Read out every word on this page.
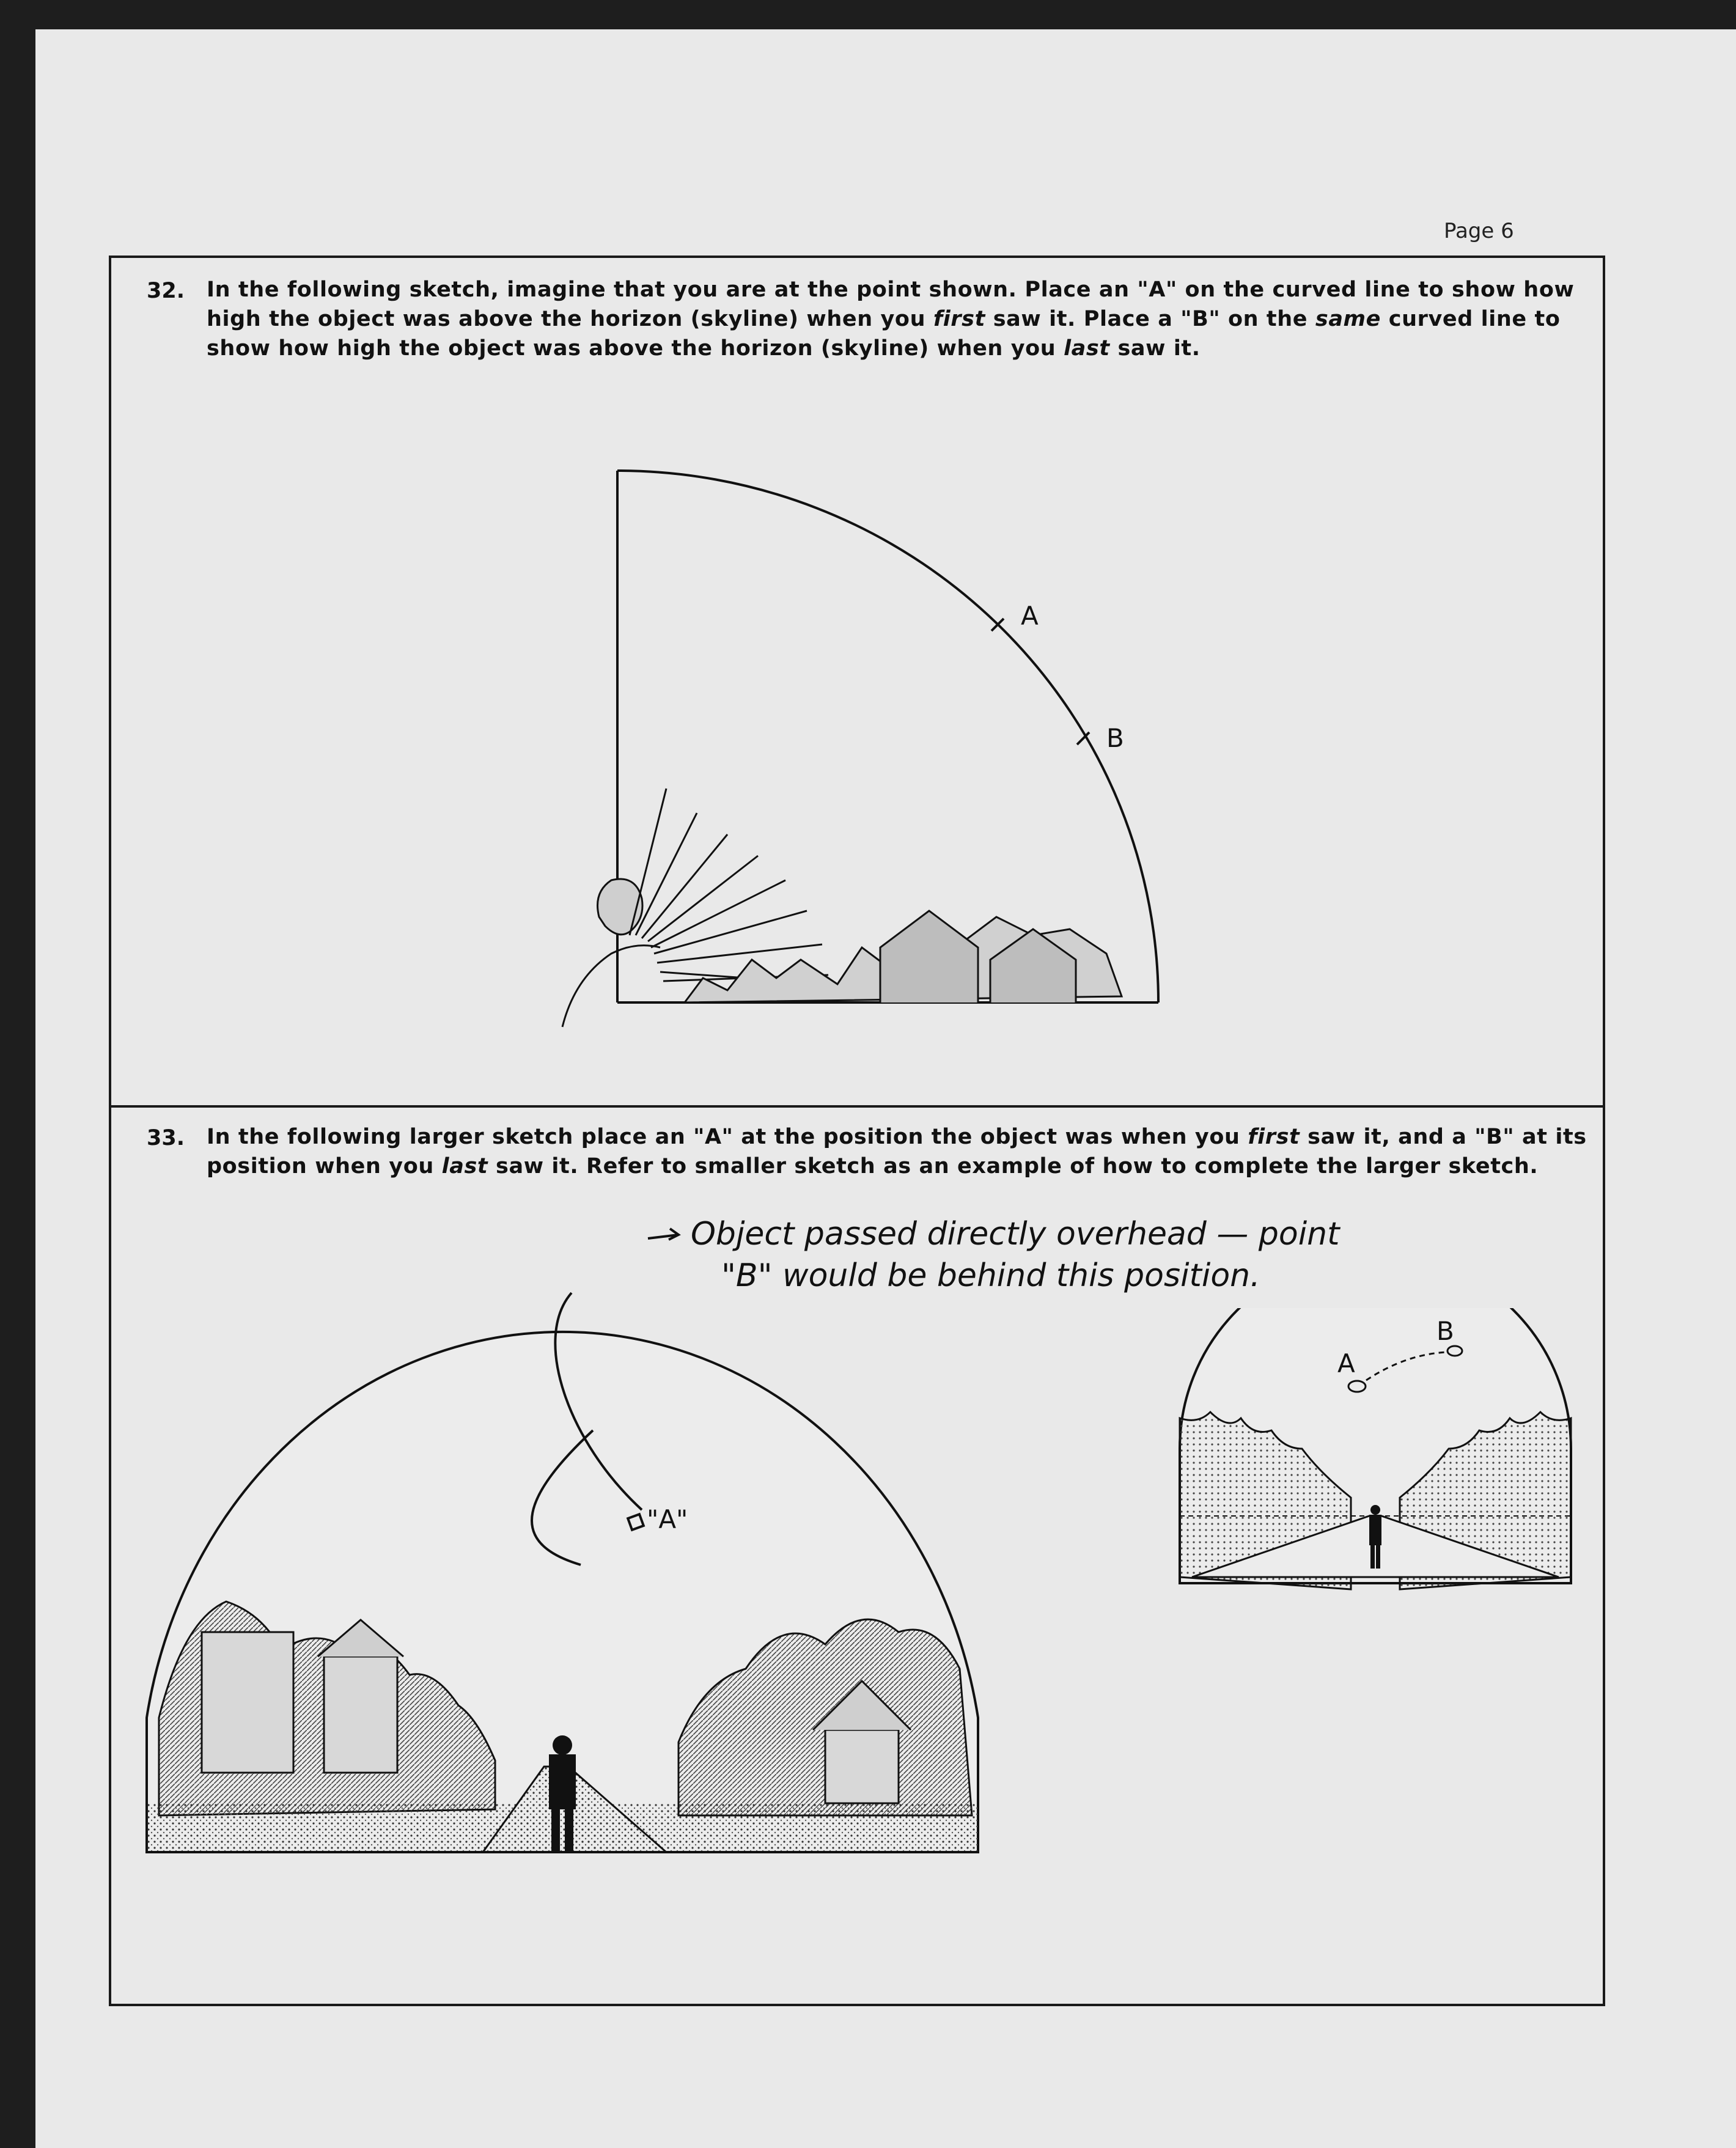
Page 6
32. In the following sketch, imagine that you are at the point shown. Place an "A" on the curved line to show how
high the object was above the horizon (skyline) when you first saw it. Place a "B" on the same curved line to
show how high the object was above the horizon (skyline) when you last saw it.
A
B
33. In the following larger sketch place an "A" at the position the object was when you first saw it, and a "B" at its
position when you last saw it. Refer to smaller sketch as an example of how to complete the larger sketch.
Object passed directly overhead — point
"B" would be behind this position.
"A"
A
B
